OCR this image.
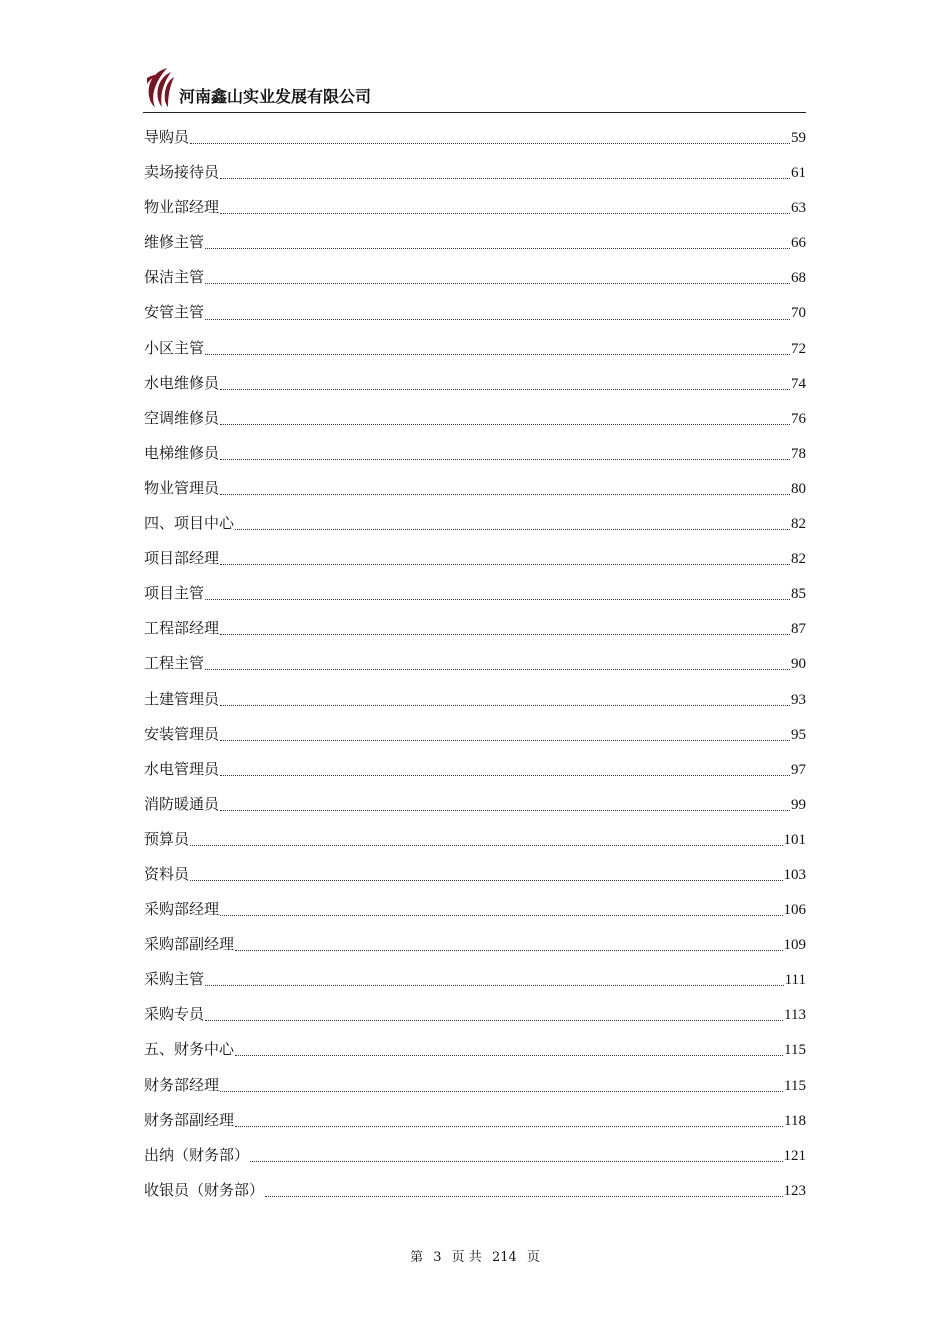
河南鑫山实业发展有限公司
导购员	59
卖场接待员	61
物业部经理	63
维修主管	66
保洁主管	68
安管主管	70
小区主管	72
水电维修员	74
空调维修员	76
电梯维修员	78
物业管理员	80
四、项目中心	82
项目部经理	82
项目主管	85
工程部经理	87
工程主管	90
土建管理员	93
安装管理员	95
水电管理员	97
消防暖通员	99
预算员	101
资料员	103
采购部经理	106
采购部副经理	109
采购主管	111
采购专员	113
五、财务中心	115
财务部经理	115
财务部副经理	118
出纳（财务部）	121
收银员（财务部）	123
第 3 页 共 214 页
